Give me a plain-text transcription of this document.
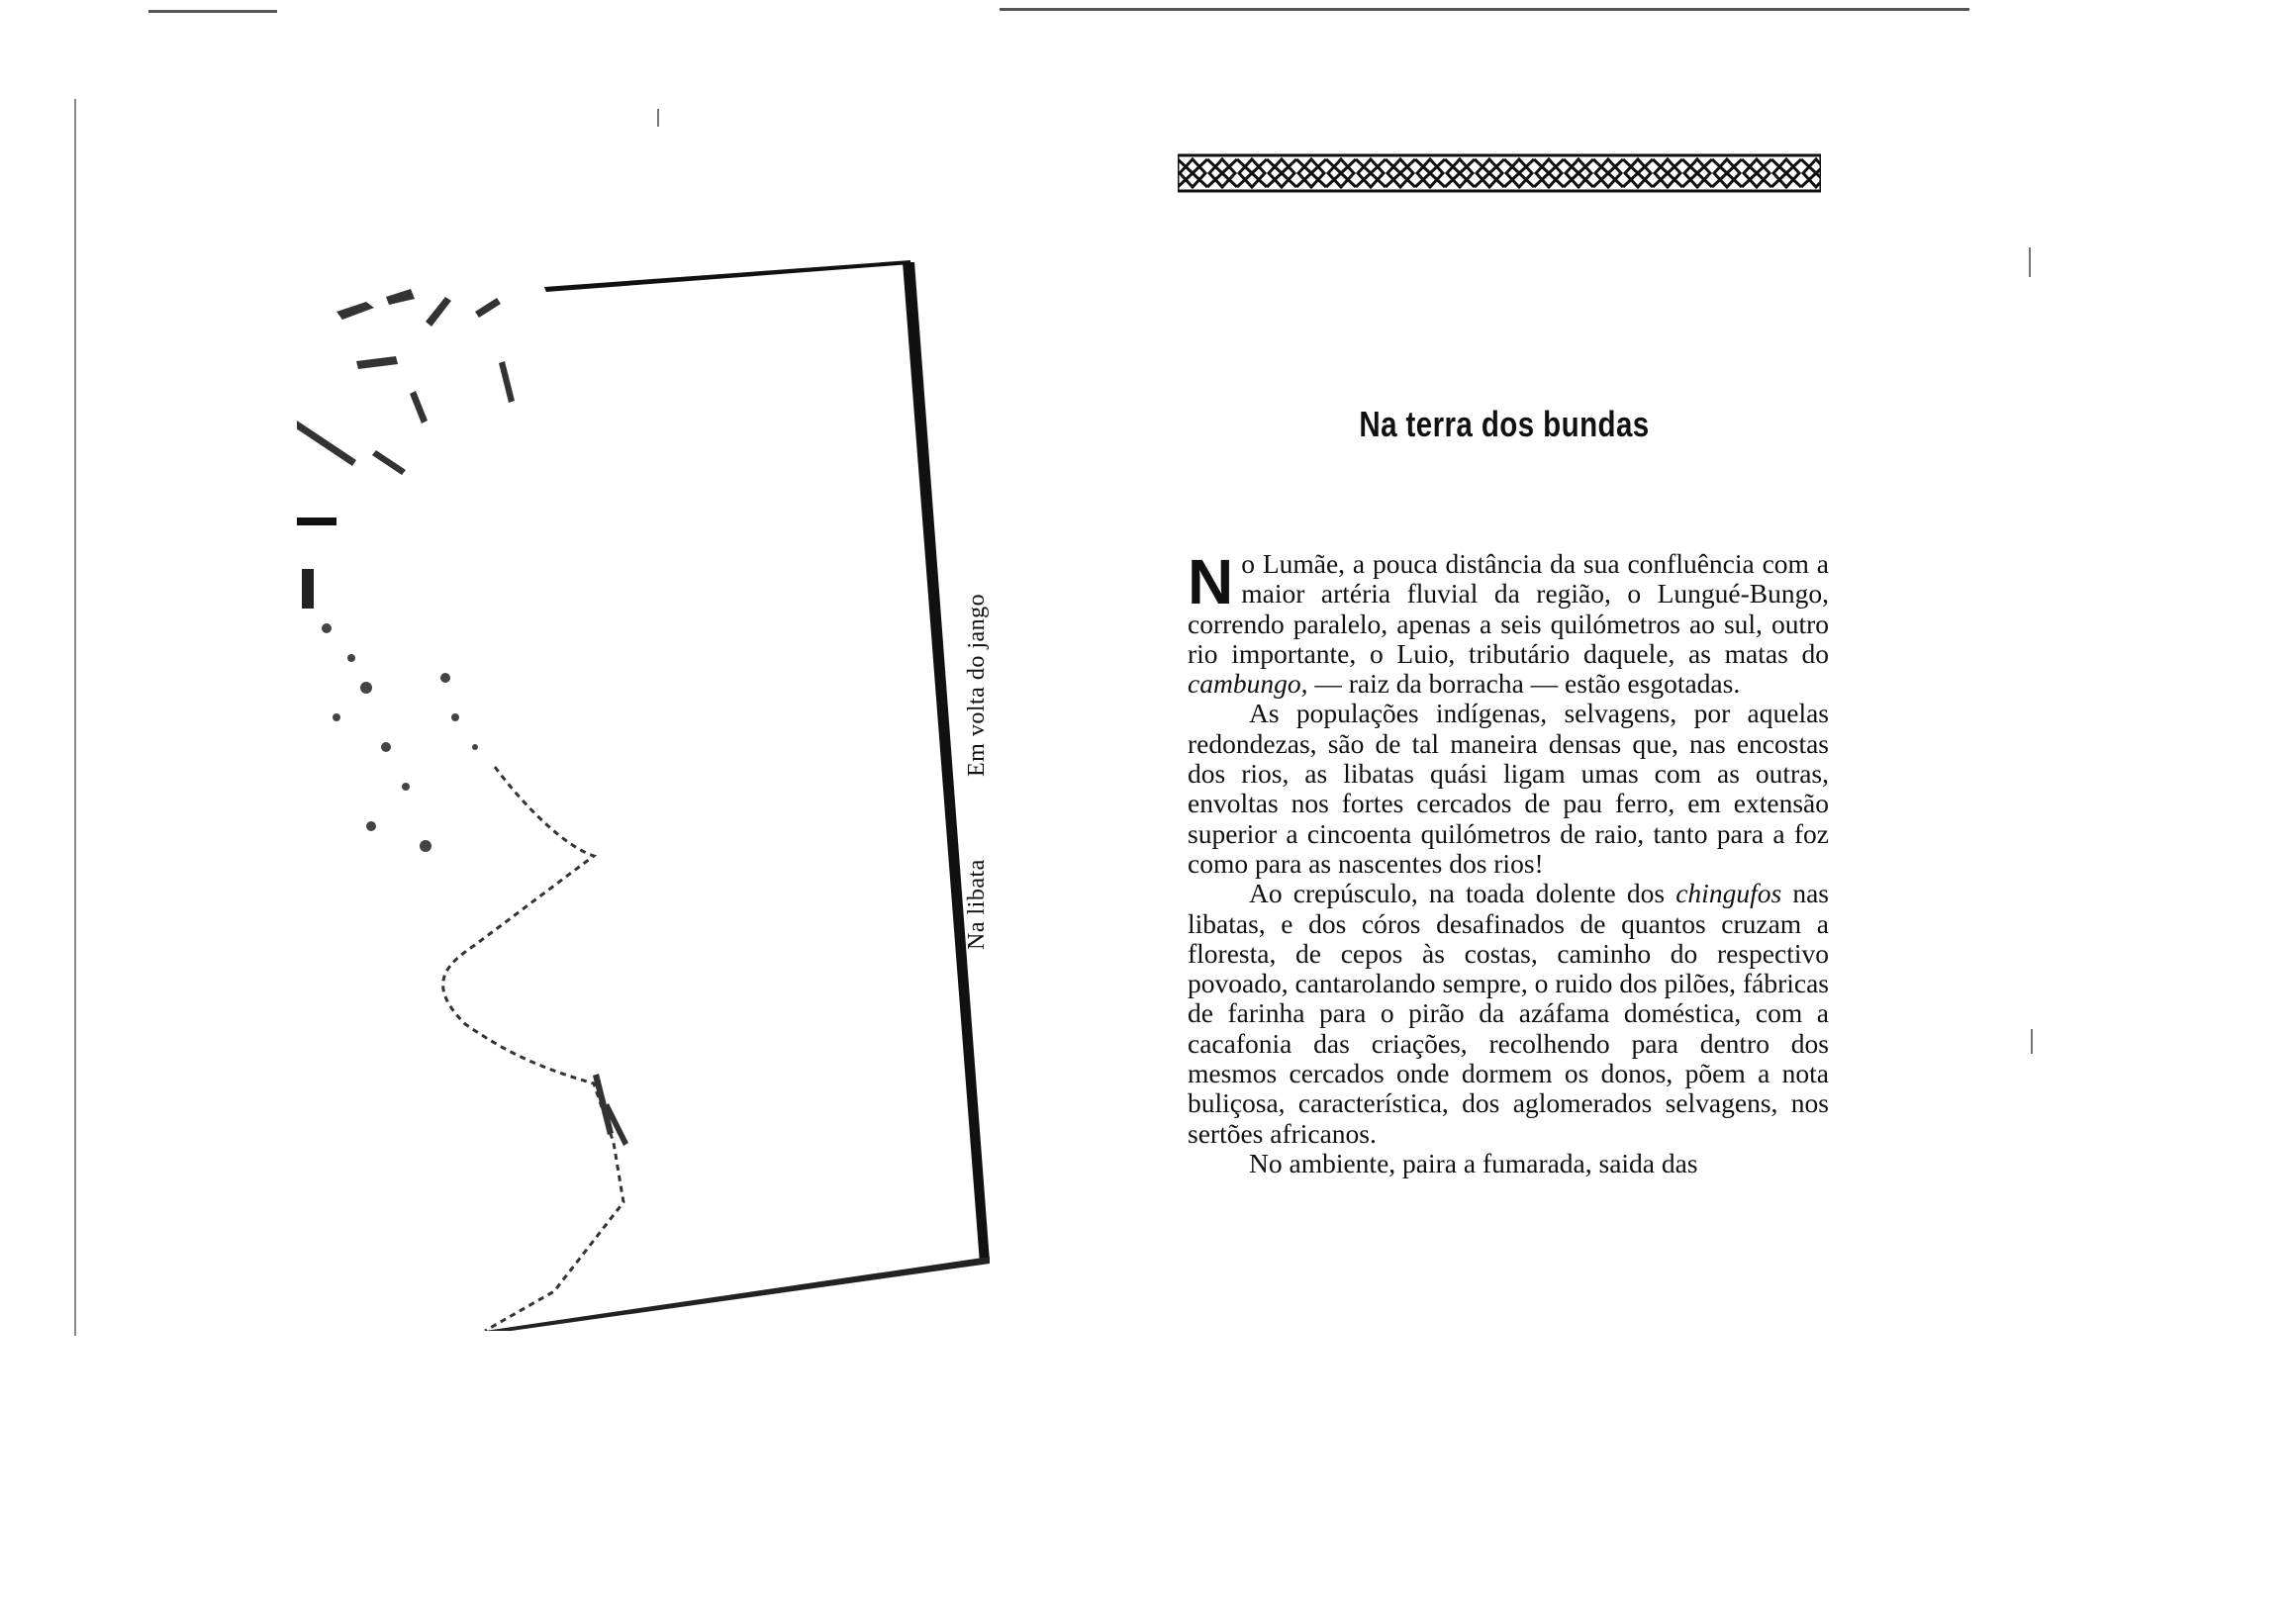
Na libata
Em volta do jango
Na terra dos bundas

No Lumãe, a pouca distância da sua confluência com a maior artéria fluvial da região, o Lungué-Bungo, correndo paralelo, apenas a seis quilómetros ao sul, outro rio importante, o Luio, tributário daquele, as matas do cambungo, — raiz da borracha — estão esgotadas.

As populações indígenas, selvagens, por aquelas redondezas, são de tal maneira densas que, nas encostas dos rios, as libatas quási ligam umas com as outras, envoltas nos fortes cercados de pau ferro, em extensão superior a cincoenta quilómetros de raio, tanto para a foz como para as nascentes dos rios!

Ao crepúsculo, na toada dolente dos chingufos nas libatas, e dos córos desafinados de quantos cruzam a floresta, de cepos às costas, caminho do respectivo povoado, cantarolando sempre, o ruido dos pilões, fábricas de farinha para o pirão da azáfama doméstica, com a cacafonia das criações, recolhendo para dentro dos mesmos cercados onde dormem os donos, põem a nota buliçosa, característica, dos aglomerados selvagens, nos sertões africanos.

No ambiente, paira a fumarada, saida das
